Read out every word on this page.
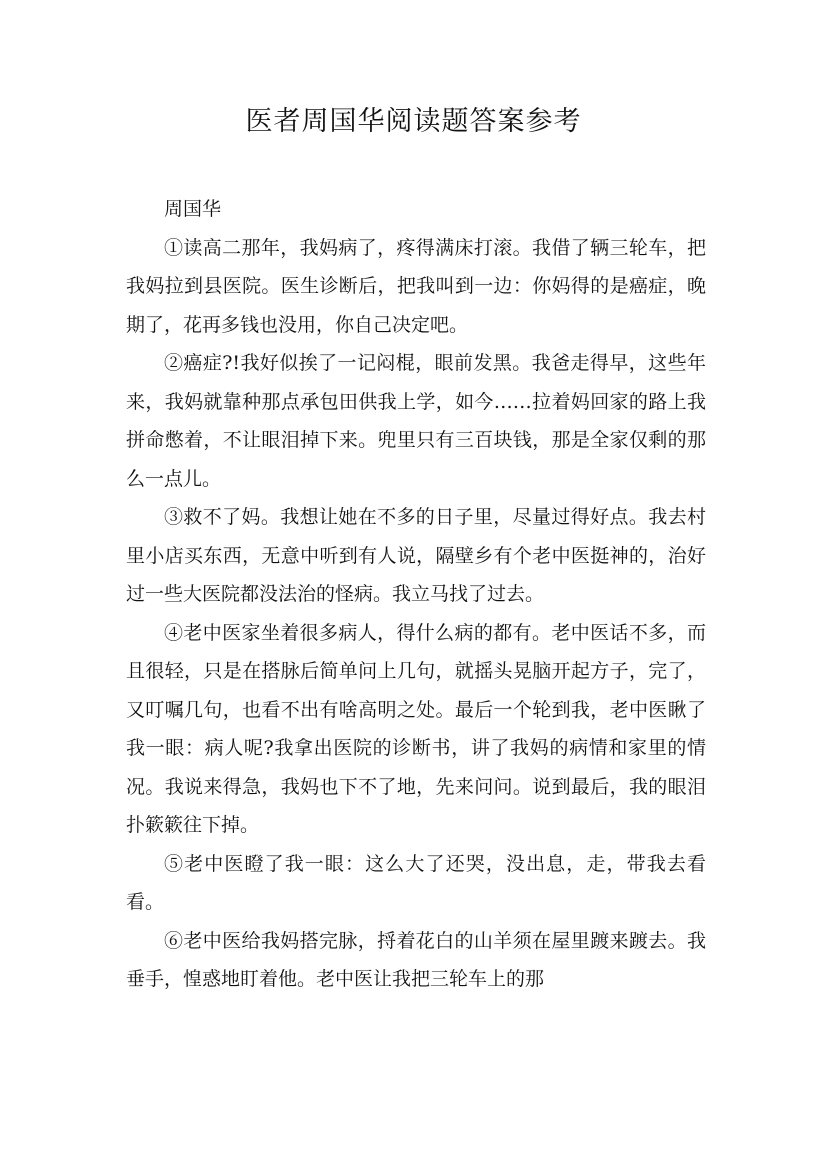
医者周国华阅读题答案参考

周国华

①读高二那年，我妈病了，疼得满床打滚。我借了辆三轮车，把我妈拉到县医院。医生诊断后，把我叫到一边：你妈得的是癌症，晚期了，花再多钱也没用，你自己决定吧。

②癌症?!我好似挨了一记闷棍，眼前发黑。我爸走得早，这些年来，我妈就靠种那点承包田供我上学，如今……拉着妈回家的路上我拼命憋着，不让眼泪掉下来。兜里只有三百块钱，那是全家仅剩的那么一点儿。

③救不了妈。我想让她在不多的日子里，尽量过得好点。我去村里小店买东西，无意中听到有人说，隔壁乡有个老中医挺神的，治好过一些大医院都没法治的怪病。我立马找了过去。

④老中医家坐着很多病人，得什么病的都有。老中医话不多，而且很轻，只是在搭脉后简单问上几句，就摇头晃脑开起方子，完了，又叮嘱几句，也看不出有啥高明之处。最后一个轮到我，老中医瞅了我一眼：病人呢?我拿出医院的诊断书，讲了我妈的病情和家里的情况。我说来得急，我妈也下不了地，先来问问。说到最后，我的眼泪扑簌簌往下掉。

⑤老中医瞪了我一眼：这么大了还哭，没出息，走，带我去看看。

⑥老中医给我妈搭完脉，捋着花白的山羊须在屋里踱来踱去。我垂手，惶惑地盯着他。老中医让我把三轮车上的那
